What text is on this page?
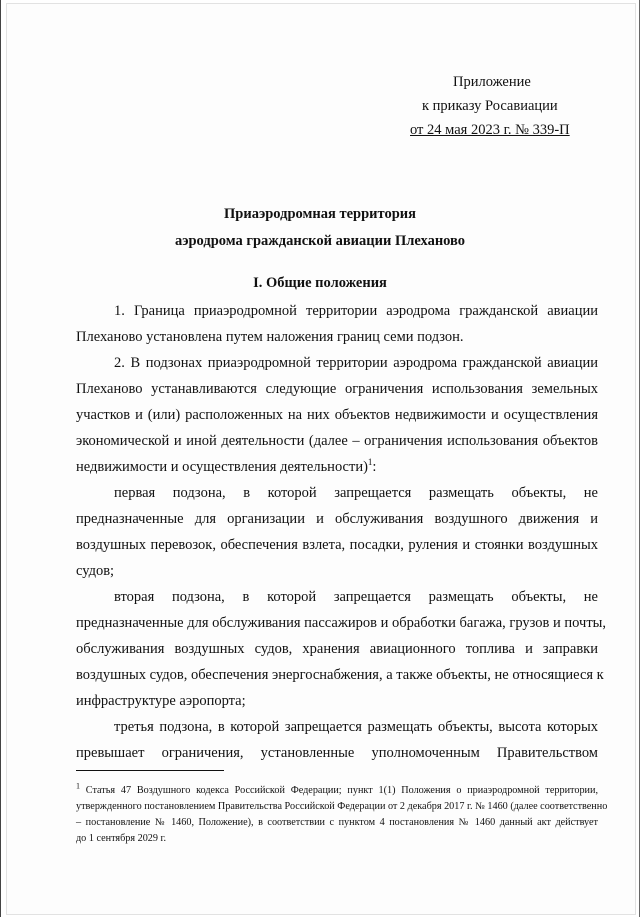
Приложение
к приказу Росавиации
от 24 мая 2023 г. № 339-П
Приаэродромная территория
аэродрома гражданской авиации Плеханово
I. Общие положения
1. Граница приаэродромной территории аэродрома гражданской авиации
Плеханово установлена путем наложения границ семи подзон.
2. В подзонах приаэродромной территории аэродрома гражданской авиации
Плеханово устанавливаются следующие ограничения использования земельных
участков и (или) расположенных на них объектов недвижимости и осуществления
экономической и иной деятельности (далее – ограничения использования объектов
недвижимости и осуществления деятельности)$^1$:
первая подзона, в которой запрещается размещать объекты, не
предназначенные для организации и обслуживания воздушного движения и
воздушных перевозок, обеспечения взлета, посадки, руления и стоянки воздушных
судов;
вторая подзона, в которой запрещается размещать объекты, не
предназначенные для обслуживания пассажиров и обработки багажа, грузов и почты,
обслуживания воздушных судов, хранения авиационного топлива и заправки
воздушных судов, обеспечения энергоснабжения, а также объекты, не относящиеся к
инфраструктуре аэропорта;
третья подзона, в которой запрещается размещать объекты, высота которых
превышает ограничения, установленные уполномоченным Правительством
$^1$ Статья 47 Воздушного кодекса Российской Федерации; пункт 1(1) Положения о приаэродромной территории,
утвержденного постановлением Правительства Российской Федерации от 2 декабря 2017 г. № 1460 (далее соответственно
– постановление № 1460, Положение), в соответствии с пунктом 4 постановления № 1460 данный акт действует
до 1 сентября 2029 г.
